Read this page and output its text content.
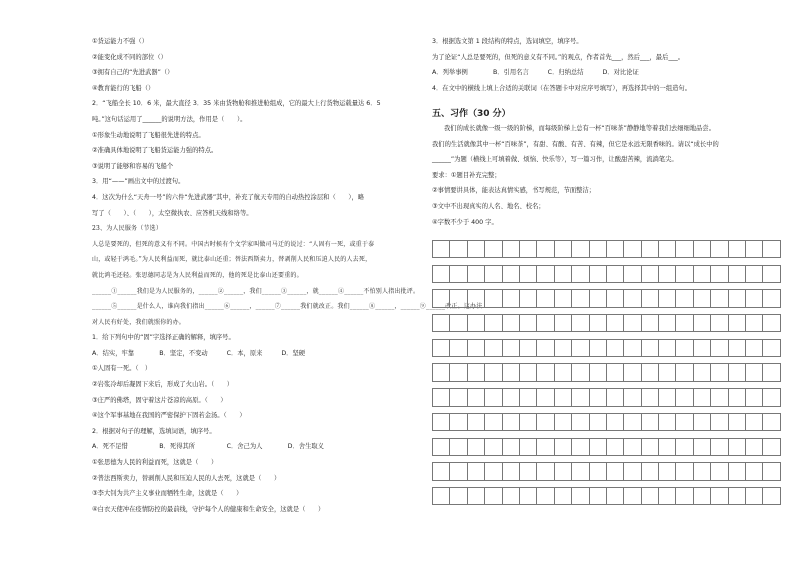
①货运能力不强（）

②能变化成不同的部位（）

③拥有自己的“先进武器”（）

④教育能行的飞船（）

2．“飞船全长 10．6 米，最大直径 3．35 米由货物舱和推进舱组成，它的最大上行货物运载量达 6．5

吨。”这句话运用了______的说明方法，作用是（　　）。

①形象生动地说明了飞船很先进的特点。

②准确具体地说明了飞船货运能力强的特点。

③说明了能够和容易的飞船个

3．用“——”画出文中的过渡句。

4．这次为什么“天舟一号”的六件“先进武器”其中，补充了航天专用的自动热控涂层和（　　），略

写了（　　）、（　　），太空微执农、应答机天线和络等。

23、为人民服务（节选）

人总是要死的，但死的意义有不同。中国古时候有个文学家叫做司马迁的说过：“人固有一死，或重于泰

山，或轻于鸿毛。”为人民利益而死，就比泰山还重；替法西斯卖力，替剥削人民和压迫人民的人去死，

就比鸿毛还轻。张思德同志是为人民利益而死的，他的死是比泰山还要重的。

______①______我们是为人民服务的，______②______，我们______③______，就______④______不怕别人指出批评。

______⑤______是什么人，谁向我们指出______⑥______，______⑦______我们就改正。我们______⑧______，______⑨______改正。这办法

对人民有好处，我们就照你的办。

1．给下列句中的“固”字选择正确的解释，填序号。

A．结实，牢靠　　　　B．坚定，不变动　　　C．本，原来　　　D．坚硬

①人固有一死。（　）

②岩浆冷却后凝固下来后，形成了火山岩。（　　）

③庄严的佛塔，固守着这片苍凉的高原。（　　）

④这个军事基地在我国的严密保护下固若金汤。（　　）

2．根据对句子的理解，选填词语，填序号。

A．死不足惜　　　　　B．死得其所　　　　　C．舍己为人　　　　D．舍生取义

①张思德为人民的利益而死，这就是（　　）

②普法西斯卖力，替剥削人民和压迫人民的人去死，这就是（　　）

③李大钊为共产主义事业而牺牲生命，这就是（　　）

④白衣天使冲在疫情防控的最前线，守护每个人的健康和生命安全，这就是（　　）

3．根据选文第 1 段结构的特点，选词填空，填序号。

为了论证“人总是要死的，但死的意义有不同。”的观点，作者首先___，然后___，最后___。

A．列举事例　　　　B．引用名言　　　C．归纳总结　　　D．对比论证

4．在文中的横线上填上合适的关联词（在答题卡中对应序号填写），再选择其中的一组造句。

五、习作（30 分）

我们的成长就像一级一级的阶梯，而每级阶梯上总有一杯“百味茶”静静地等着我们去细细地品尝。

我们的生活就像其中一杯“百味茶”，有甜、有酸、有苦、有辣，但它是永远无限香味的。请以“成长中的

______”为题（横线上可填着做、烦恼、快乐等），写一篇习作，让酸甜苦辣，流淌笔尖。

要求：①题目补充完整；

②事情要讲具体，能表达真情实感，书写规范，节面整洁；

③文中不出现真实的人名、地名、校名；

④字数不少于 400 字。
